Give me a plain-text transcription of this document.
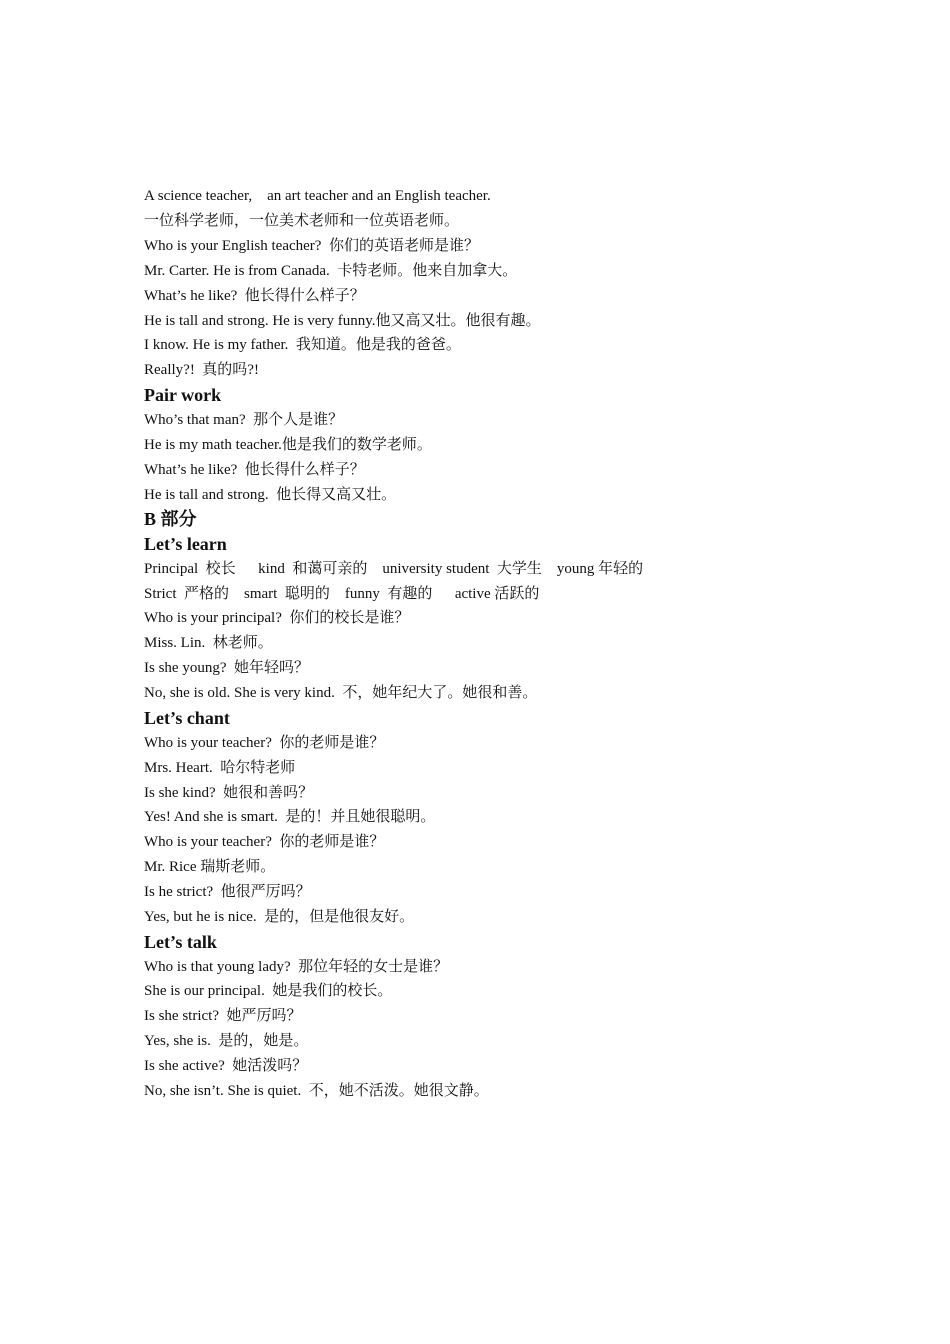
A science teacher,    an art teacher and an English teacher.

一位科学老师，一位美术老师和一位英语老师。

Who is your English teacher?  你们的英语老师是谁？

Mr. Carter. He is from Canada.  卡特老师。他来自加拿大。

What’s he like?  他长得什么样子？

He is tall and strong. He is very funny.他又高又壮。他很有趣。

I know. He is my father.  我知道。他是我的爸爸。

Really?!  真的吗?!

Pair work

Who’s that man?  那个人是谁？

He is my math teacher.他是我们的数学老师。

What’s he like?  他长得什么样子？

He is tall and strong.  他长得又高又壮。

B 部分

Let’s learn

Principal  校长      kind  和蔼可亲的    university student  大学生    young 年轻的

Strict  严格的    smart  聪明的    funny  有趣的      active 活跃的

Who is your principal?  你们的校长是谁？

Miss. Lin.  林老师。

Is she young?  她年轻吗？

No, she is old. She is very kind.  不，她年纪大了。她很和善。

Let’s chant

Who is your teacher?  你的老师是谁？

Mrs. Heart.  哈尔特老师

Is she kind?  她很和善吗？

Yes! And she is smart.  是的！并且她很聪明。

Who is your teacher?  你的老师是谁？

Mr. Rice 瑞斯老师。

Is he strict?  他很严厉吗？

Yes, but he is nice.  是的，但是他很友好。

Let’s talk

Who is that young lady?  那位年轻的女士是谁？

She is our principal.  她是我们的校长。

Is she strict?  她严厉吗？

Yes, she is.  是的，她是。

Is she active?  她活泼吗？

No, she isn’t. She is quiet.  不，她不活泼。她很文静。
